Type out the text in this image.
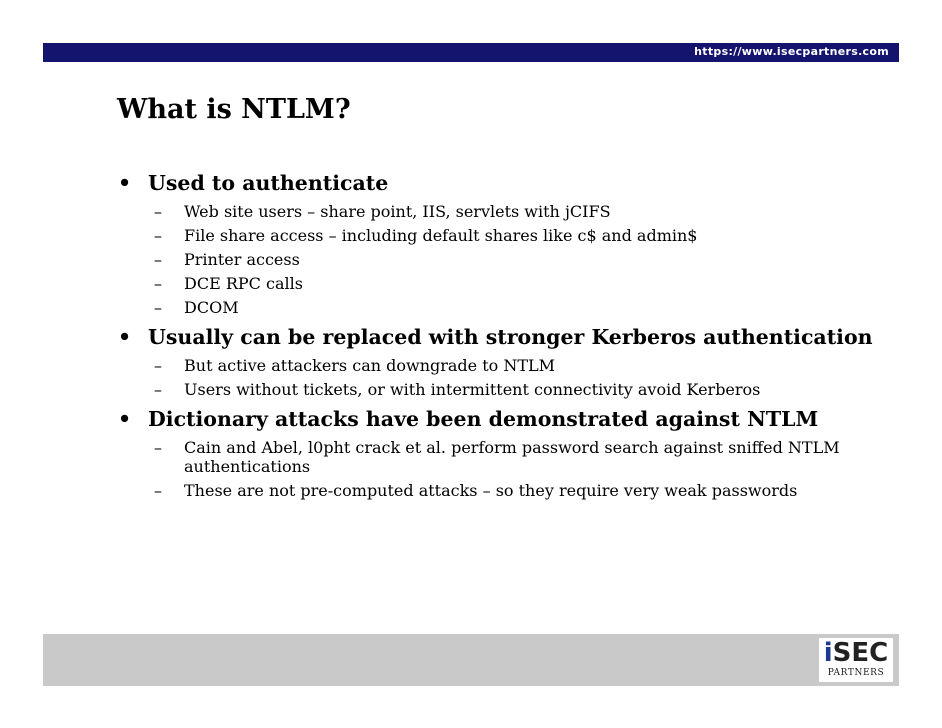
https://www.isecpartners.com
What is NTLM?
• Used to authenticate
– Web site users – share point, IIS, servlets with jCIFS
– File share access – including default shares like c$ and admin$
– Printer access
– DCE RPC calls
– DCOM
• Usually can be replaced with stronger Kerberos authentication
– But active attackers can downgrade to NTLM
– Users without tickets, or with intermittent connectivity avoid Kerberos
• Dictionary attacks have been demonstrated against NTLM
– Cain and Abel, l0pht crack et al. perform password search against sniffed NTLM authentications
– These are not pre-computed attacks – so they require very weak passwords
iSEC
PARTNERS
